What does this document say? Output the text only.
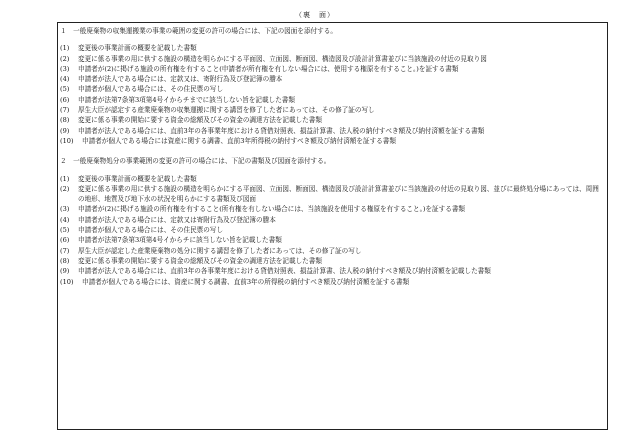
（裏　面）
１　一般廃棄物の収集運搬業の事業の範囲の変更の許可の場合には、下記の図面を添付する。
(1)	変更後の事業計画の概要を記載した書類
(2)	変更に係る事業の用に供する施設の構造を明らかにする平面図、立面図、断面図、構造図及び設計計算書並びに当該施設の付近の見取り図
(3)	申請者が(2)に掲げる施設の所有権を有すること(申請者が所有権を有しない場合には、使用する権原を有すること。)を証する書類
(4)	申請者が法人である場合には、定款又は、寄附行為及び登記簿の謄本
(5)	申請者が個人である場合には、その住民票の写し
(6)	申請者が法第7条第3項第4号イからチまでに該当しない旨を記載した書類
(7)	厚生大臣が認定する産業廃棄物の収集運搬に関する講習を修了した者にあっては、その修了証の写し
(8)	変更に係る事業の開始に要する資金の総額及びその資金の調達方法を記載した書類
(9)	申請者が法人である場合には、直前3年の各事業年度における貸借対照表、損益計算書、法人税の納付すべき額及び納付済額を証する書類
(10)	申請者が個人である場合には資産に関する調書、直前3年所得税の納付すべき額及び納付済額を証する書類
２　一般廃棄物処分の事業範囲の変更の許可の場合には、下記の書類及び図面を添付する。
(1)	変更後の事業計画の概要を記載した書類
(2)	変更に係る事業の用に供する施設の構造を明らかにする平面図、立面図、断面図、構造図及び設計計算書並びに当該施設の付近の見取り図、並びに最終処分場にあっては、周囲の地形、地質及び地下水の状況を明らかにする書類及び図面
(3)	申請者が(2)に掲げる施設の所有権を有すること(所有権を有しない場合には、当該施設を使用する権原を有すること。)を証する書類
(4)	申請者が法人である場合には、定款又は寄附行為及び登記簿の謄本
(5)	申請者が個人である場合には、その住民票の写し
(6)	申請者が法第7条第3項第4号イからチに該当しない旨を記載した書類
(7)	厚生大臣が認定した産業廃棄物の処分に関する講習を修了した者にあっては、その修了証の写し
(8)	変更に係る事業の開始に要する資金の総額及びその資金の調達方法を記載した書類
(9)	申請者が法人である場合には、直前3年の各事業年度における貸借対照表、損益計算書、法人税の納付すべき額及び納付済額を記載した書類
(10)	申請者が個人である場合には、資産に関する調書、直前3年の所得税の納付すべき額及び納付済額を証する書類
